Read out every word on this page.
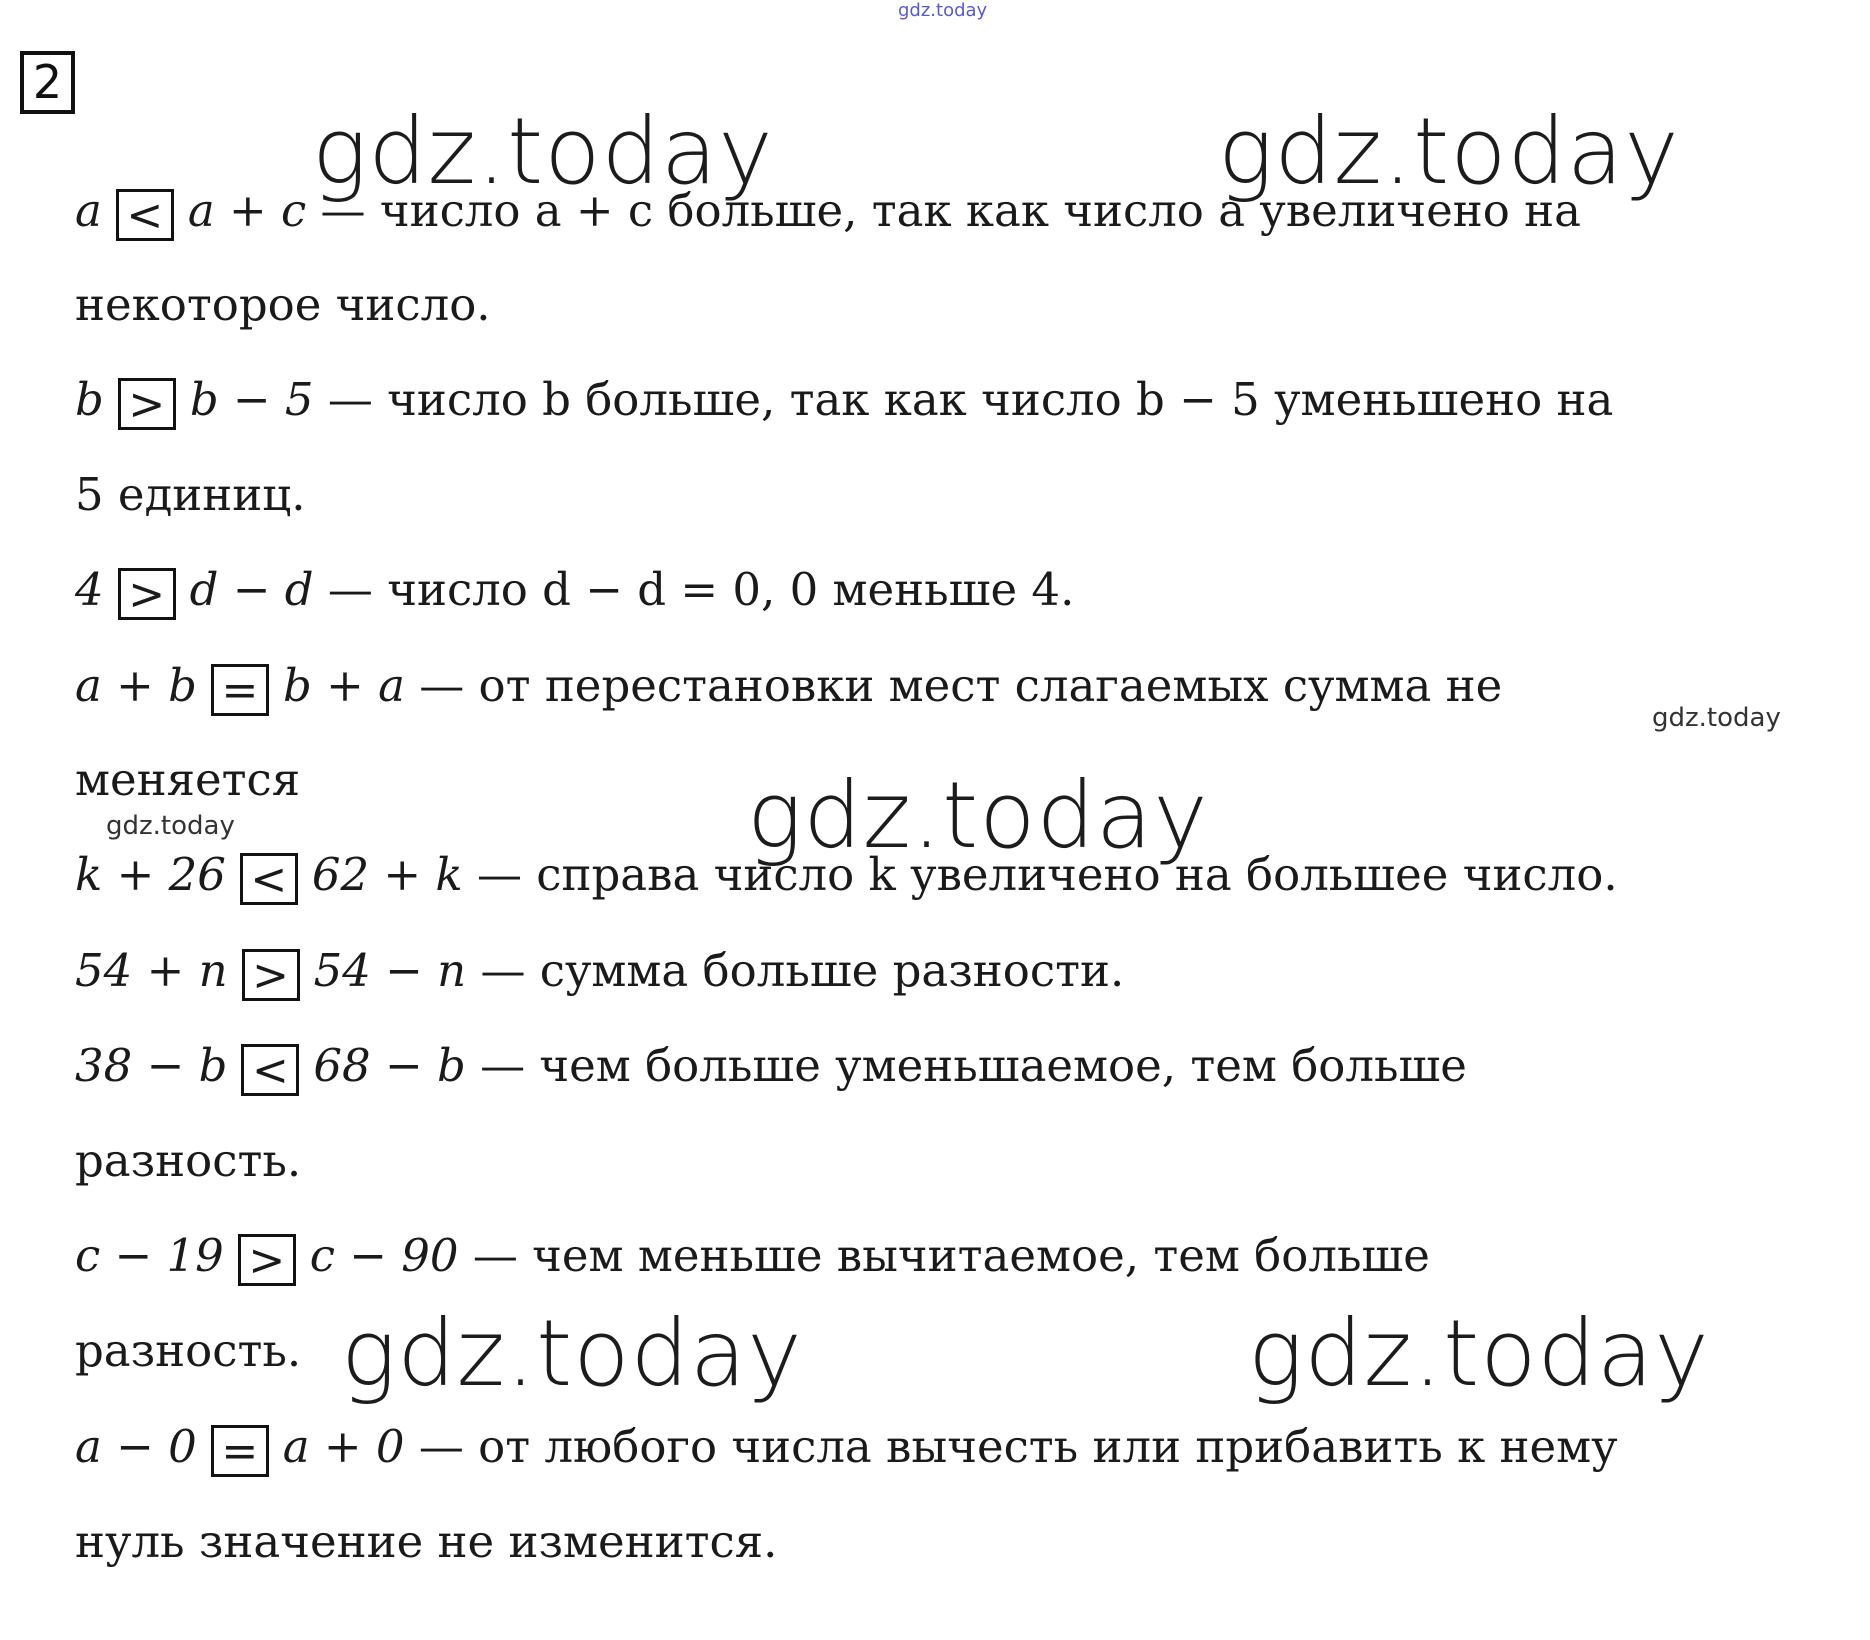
gdz.today
2
gdz.today	gdz.today
gdz.today
gdz.today	gdz.today
gdz.today
gdz.today
a < a + c — число a + c больше, так как число a увеличено на
некоторое число.
b > b − 5 — число b больше, так как число b − 5 уменьшено на
5 единиц.
4 > d − d — число d − d = 0, 0 меньше 4.
a + b = b + a — от перестановки мест слагаемых сумма не
меняется
k + 26 < 62 + k — справа число k увеличено на большее число.
54 + n > 54 − n — сумма больше разности.
38 − b < 68 − b — чем больше уменьшаемое, тем больше
разность.
c − 19 > c − 90 — чем меньше вычитаемое, тем больше
разность.
a − 0 = a + 0 — от любого числа вычесть или прибавить к нему
нуль значение не изменится.
